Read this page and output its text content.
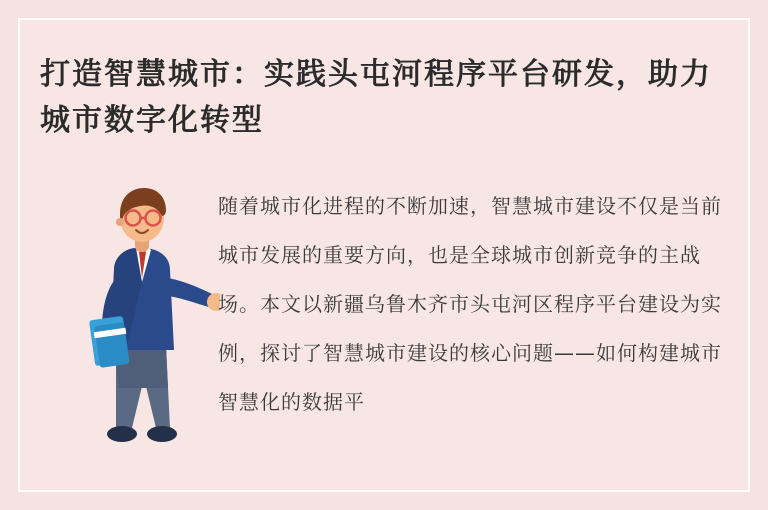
打造智慧城市：实践头屯河程序平台研发，助力城市数字化转型
随着城市化进程的不断加速，智慧城市建设不仅是当前城市发展的重要方向，也是全球城市创新竞争的主战场。本文以新疆乌鲁木齐市头屯河区程序平台建设为实例，探讨了智慧城市建设的核心问题——如何构建城市智慧化的数据平
